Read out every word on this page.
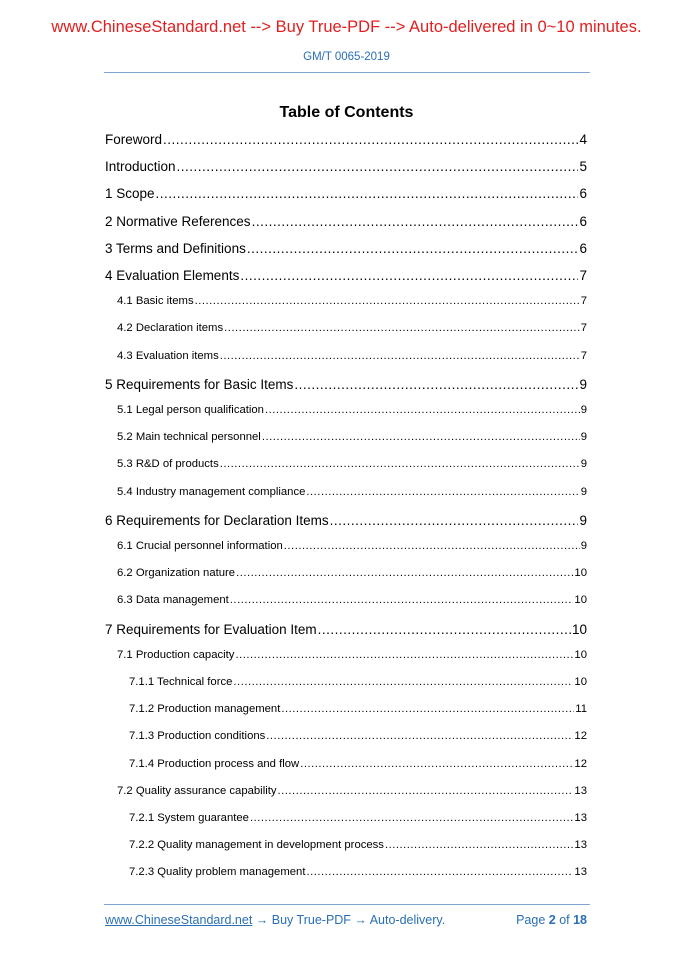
www.ChineseStandard.net --> Buy True-PDF --> Auto-delivered in 0~10 minutes.
GM/T 0065-2019
Table of Contents
Foreword .....	4
Introduction .....	5
1 Scope .....	6
2 Normative References .....	6
3 Terms and Definitions .....	6
4 Evaluation Elements .....	7
4.1 Basic items .....	7
4.2 Declaration items .....	7
4.3 Evaluation items .....	7
5 Requirements for Basic Items .....	9
5.1 Legal person qualification .....	9
5.2 Main technical personnel .....	9
5.3 R&D of products .....	9
5.4 Industry management compliance .....	9
6 Requirements for Declaration Items .....	9
6.1 Crucial personnel information .....	9
6.2 Organization nature .....	10
6.3 Data management .....	10
7 Requirements for Evaluation Item .....	10
7.1 Production capacity .....	10
7.1.1 Technical force .....	10
7.1.2 Production management .....	11
7.1.3 Production conditions .....	12
7.1.4 Production process and flow .....	12
7.2 Quality assurance capability .....	13
7.2.1 System guarantee .....	13
7.2.2 Quality management in development process .....	13
7.2.3 Quality problem management .....	13
www.ChineseStandard.net → Buy True-PDF → Auto-delivery.	Page 2 of 18
